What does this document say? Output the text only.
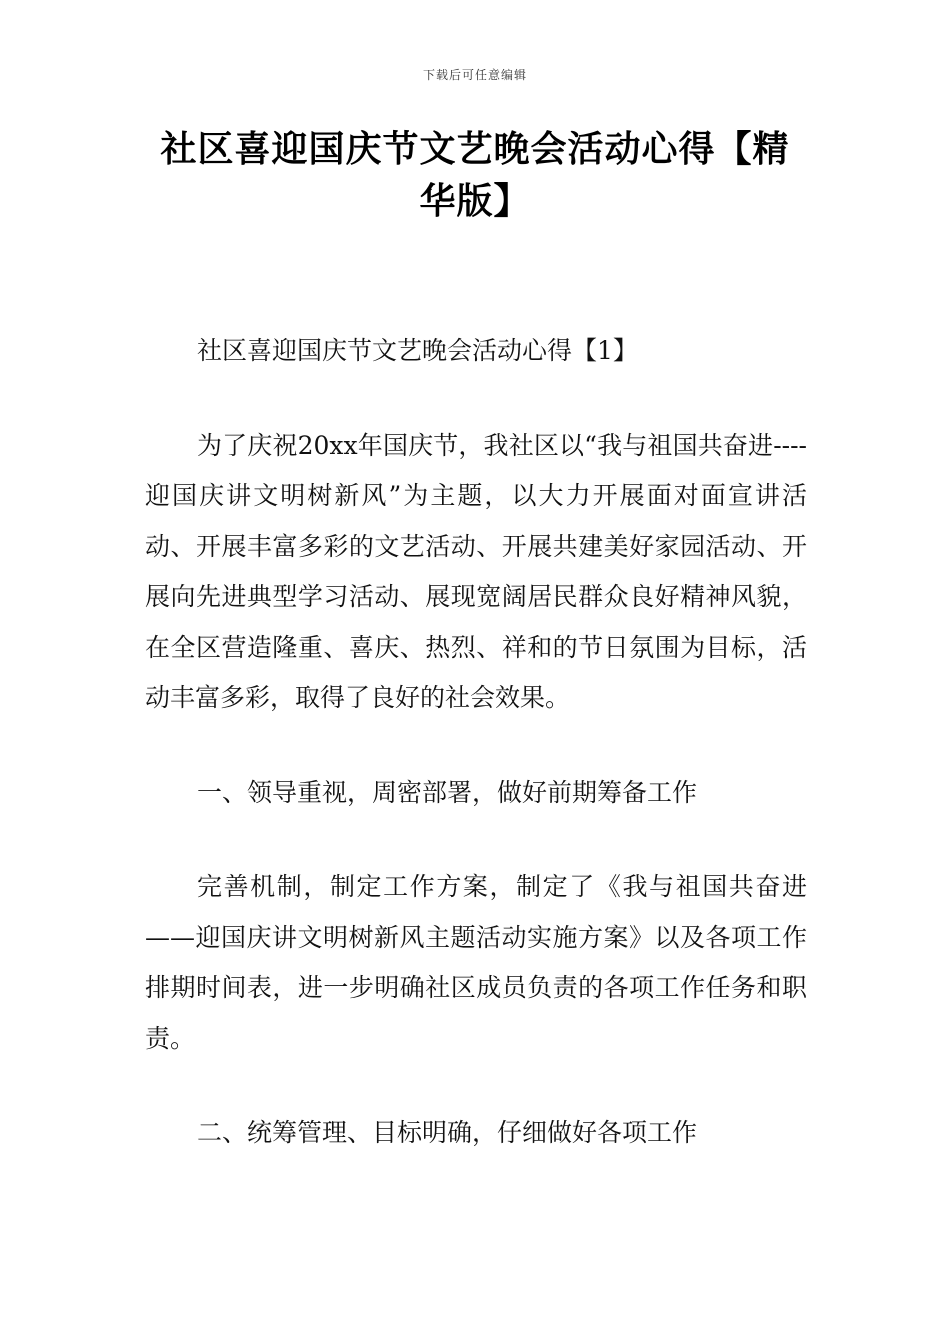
下载后可任意编辑
社区喜迎国庆节文艺晚会活动心得【精华版】

社区喜迎国庆节文艺晚会活动心得【1】

为了庆祝20xx年国庆节，我社区以“我与祖国共奋进----迎国庆讲文明树新风”为主题，以大力开展面对面宣讲活动、开展丰富多彩的文艺活动、开展共建美好家园活动、开展向先进典型学习活动、展现宽阔居民群众良好精神风貌，在全区营造隆重、喜庆、热烈、祥和的节日氛围为目标，活动丰富多彩，取得了良好的社会效果。

一、领导重视，周密部署，做好前期筹备工作

完善机制，制定工作方案，制定了《我与祖国共奋进——迎国庆讲文明树新风主题活动实施方案》以及各项工作排期时间表，进一步明确社区成员负责的各项工作任务和职责。

二、统筹管理、目标明确，仔细做好各项工作
